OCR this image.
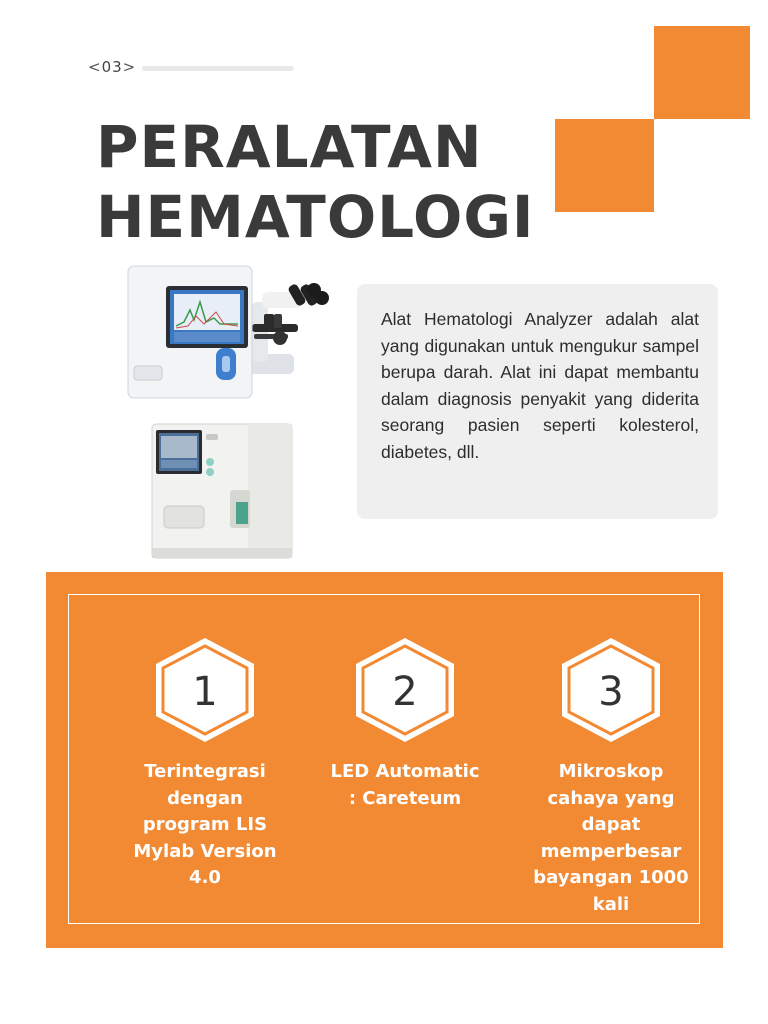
<03>
PERALATAN
HEMATOLOGI

Alat Hematologi Analyzer adalah alat yang digunakan untuk mengukur sampel berupa darah. Alat ini dapat membantu dalam diagnosis penyakit yang diderita seorang pasien seperti kolesterol, diabetes, dll.

1
Terintegrasi dengan program LIS Mylab Version 4.0
2
LED Automatic : Careteum
3
Mikroskop cahaya yang dapat memperbesar bayangan 1000 kali
